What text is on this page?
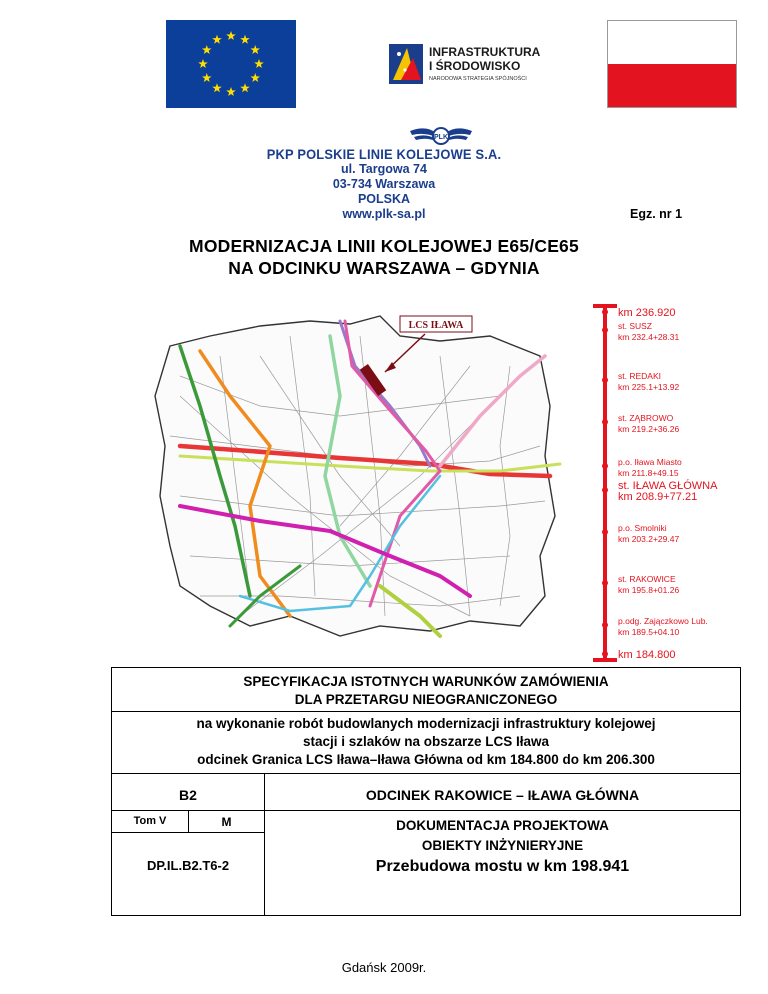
INFRASTRUKTURA
I ŚRODOWISKO
NARODOWA STRATEGIA SPÓJNOŚCI
PLK
PKP POLSKIE LINIE KOLEJOWE S.A.
ul. Targowa 74
03-734 Warszawa
POLSKA
www.plk-sa.pl	Egz. nr 1
MODERNIZACJA LINII KOLEJOWEJ E65/CE65
NA ODCINKU WARSZAWA – GDYNIA
LCS IŁAWA
km 236.920
st. SUSZ
km 232.4+28.31
st. REDAKI
km 225.1+13.92
st. ZĄBROWO
km 219.2+36.26
p.o. Iława Miasto
km 211.8+49.15
st. IŁAWA GŁÓWNA
km 208.9+77.21
p.o. Smolniki
km 203.2+29.47
st. RAKOWICE
km 195.8+01.26
p.odg. Zajączkowo Lub.
km 189.5+04.10
km 184.800
SPECYFIKACJA ISTOTNYCH WARUNKÓW ZAMÓWIENIA
DLA PRZETARGU NIEOGRANICZONEGO
na wykonanie robót budowlanych modernizacji infrastruktury kolejowej
stacji i szlaków na obszarze LCS Iława
odcinek Granica LCS Iława–Iława Główna od km 184.800 do km 206.300
B2	ODCINEK RAKOWICE – IŁAWA GŁÓWNA
Tom V	M	DOKUMENTACJA PROJEKTOWA
OBIEKTY INŻYNIERYJNE
DP.IL.B2.T6-2	Przebudowa mostu w km 198.941
Gdańsk 2009r.
